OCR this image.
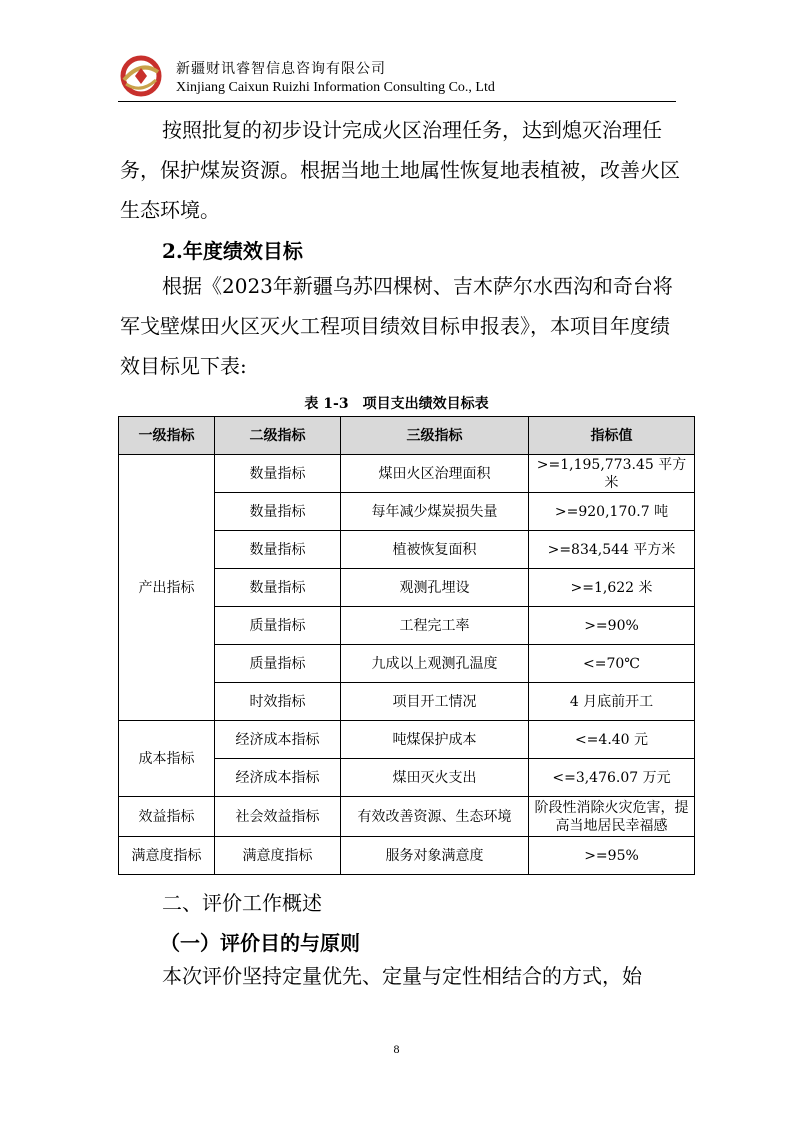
新疆财讯睿智信息咨询有限公司
Xinjiang Caixun Ruizhi Information Consulting Co., Ltd

按照批复的初步设计完成火区治理任务，达到熄灭治理任务，保护煤炭资源。根据当地土地属性恢复地表植被，改善火区生态环境。

2.年度绩效目标

根据《2023年新疆乌苏四棵树、吉木萨尔水西沟和奇台将军戈壁煤田火区灭火工程项目绩效目标申报表》，本项目年度绩效目标见下表:

表 1-3　项目支出绩效目标表
一级指标	二级指标	三级指标	指标值
产出指标	数量指标	煤田火区治理面积	>=1,195,773.45 平方米
	数量指标	每年减少煤炭损失量	>=920,170.7 吨
	数量指标	植被恢复面积	>=834,544 平方米
	数量指标	观测孔埋设	>=1,622 米
	质量指标	工程完工率	>=90%
	质量指标	九成以上观测孔温度	<=70℃
	时效指标	项目开工情况	4 月底前开工
成本指标	经济成本指标	吨煤保护成本	<=4.40 元
	经济成本指标	煤田灭火支出	<=3,476.07 万元
效益指标	社会效益指标	有效改善资源、生态环境	阶段性消除火灾危害，提高当地居民幸福感
满意度指标	满意度指标	服务对象满意度	>=95%
二、评价工作概述
（一）评价目的与原则

本次评价坚持定量优先、定量与定性相结合的方式，始

8
